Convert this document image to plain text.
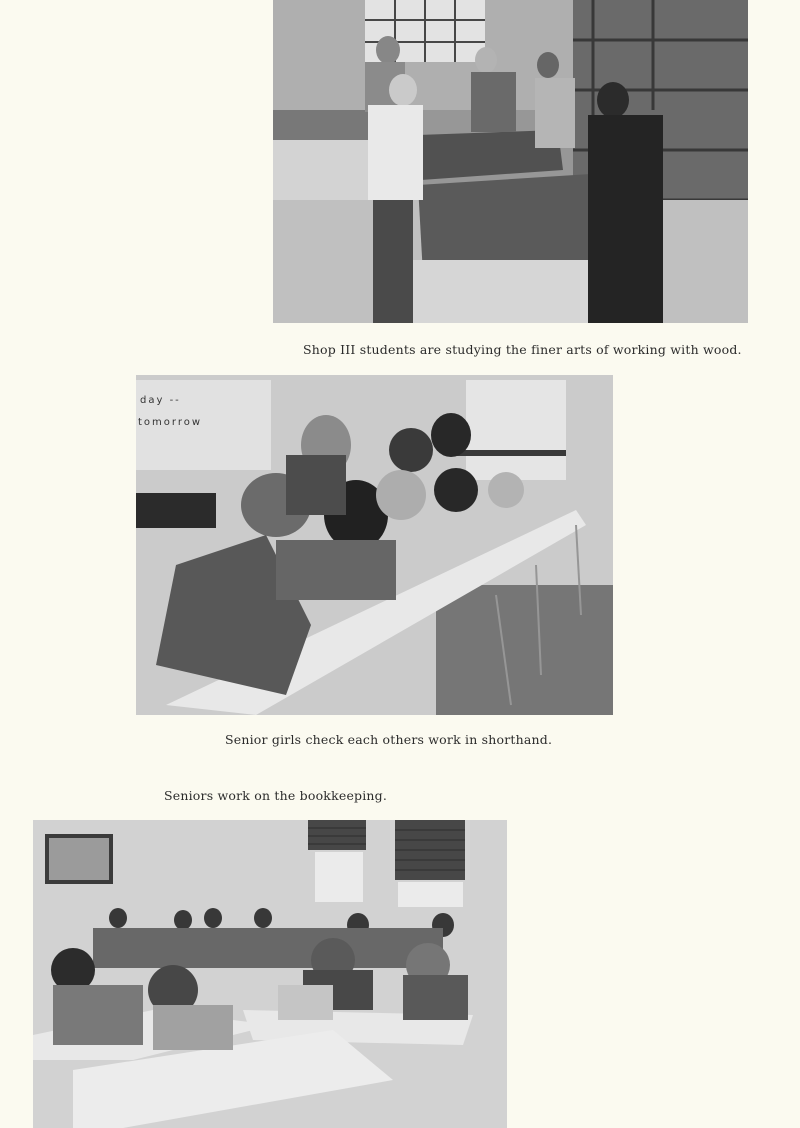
Shop III students are studying the finer arts of working with wood.
day --
tomorrow
Senior girls check each others work in shorthand.
Seniors work on the bookkeeping.
